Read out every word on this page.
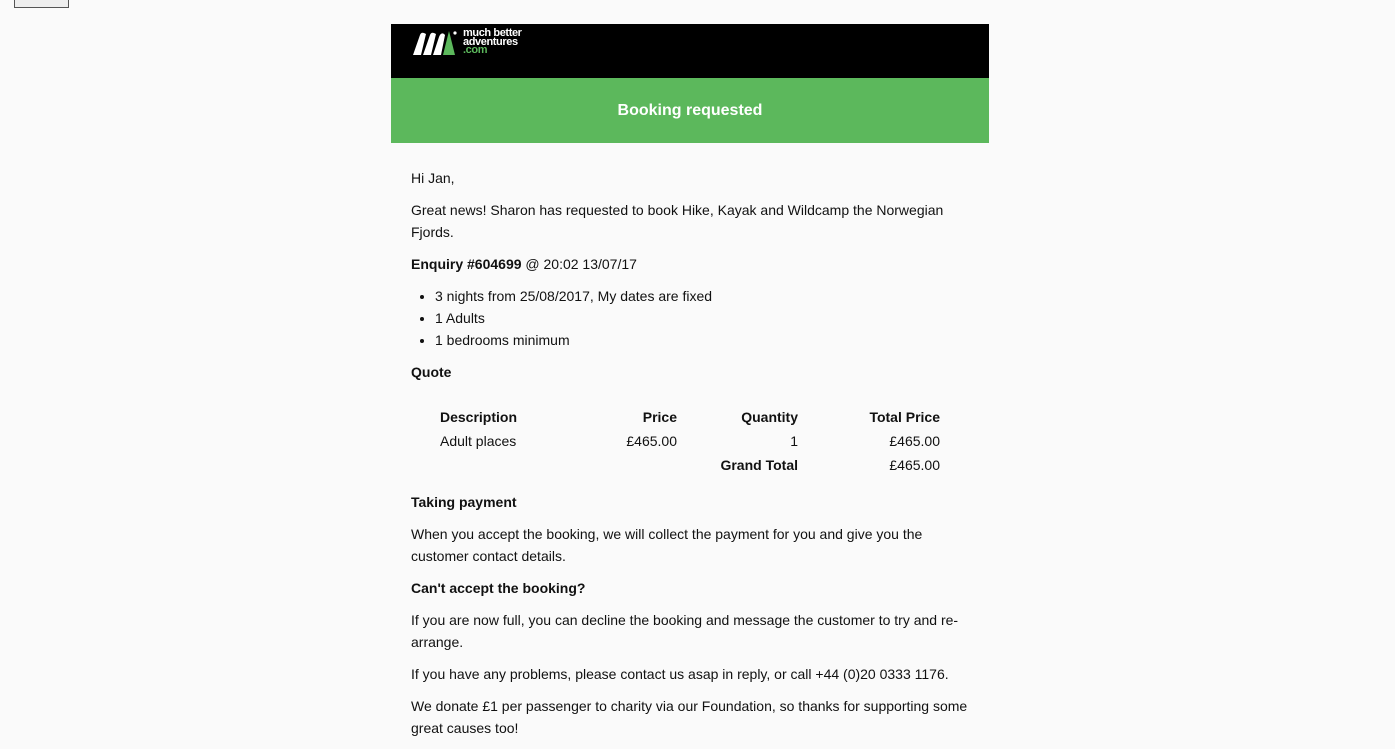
much better
adventures
.com
Booking requested

Hi Jan,

Great news! Sharon has requested to book Hike, Kayak and Wildcamp the Norwegian Fjords.

Enquiry #604699 @ 20:02 13/07/17

• 3 nights from 25/08/2017, My dates are fixed
• 1 Adults
• 1 bedrooms minimum
Quote
Description	Price	Quantity	Total Price
Adult places	£465.00	1	£465.00
		Grand Total	£465.00
Taking payment

When you accept the booking, we will collect the payment for you and give you the customer contact details.

Can't accept the booking?

If you are now full, you can decline the booking and message the customer to try and re-arrange.

If you have any problems, please contact us asap in reply, or call +44 (0)20 0333 1176.

We donate £1 per passenger to charity via our Foundation, so thanks for supporting some great causes too!
